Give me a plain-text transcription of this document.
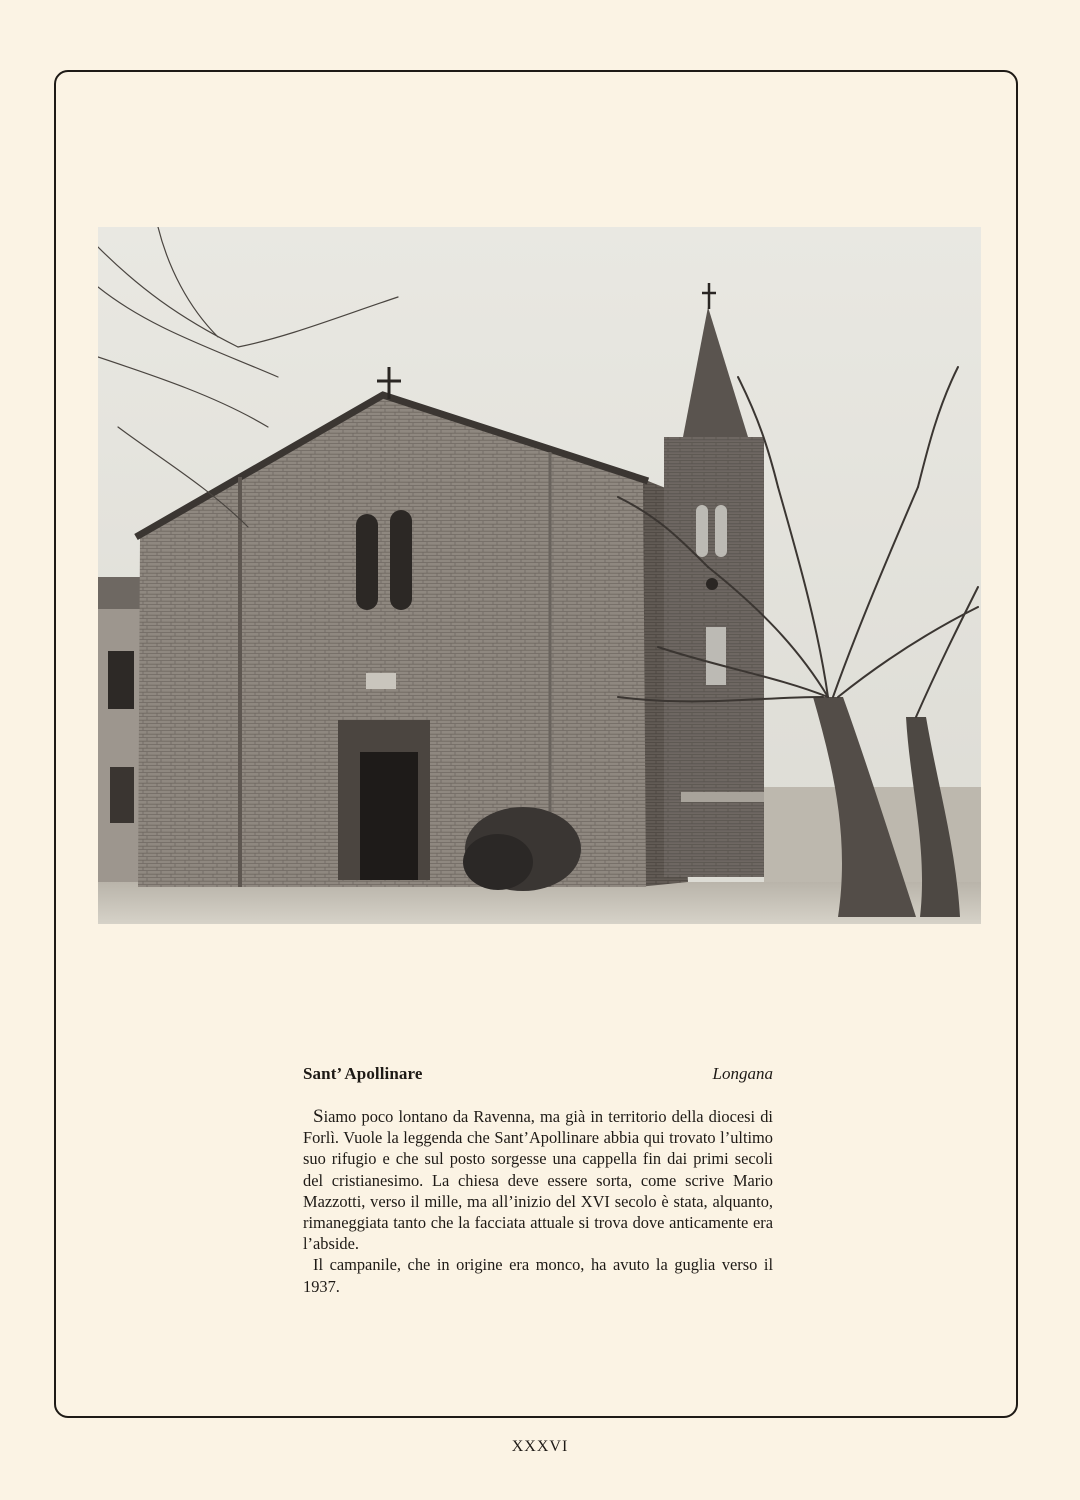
Sant’ Apollinare	Longana

Siamo poco lontano da Ravenna, ma già in territorio della diocesi di Forlì. Vuole la leggenda che Sant’Apollinare abbia qui trovato l’ultimo suo rifugio e che sul posto sorgesse una cappella fin dai primi secoli del cristianesimo. La chiesa deve essere sorta, come scrive Mario Mazzotti, verso il mille, ma all’inizio del XVI secolo è stata, alquanto, rimaneggiata tanto che la facciata attuale si trova dove anticamente era l’abside.

Il campanile, che in origine era monco, ha avuto la guglia verso il 1937.

XXXVI
